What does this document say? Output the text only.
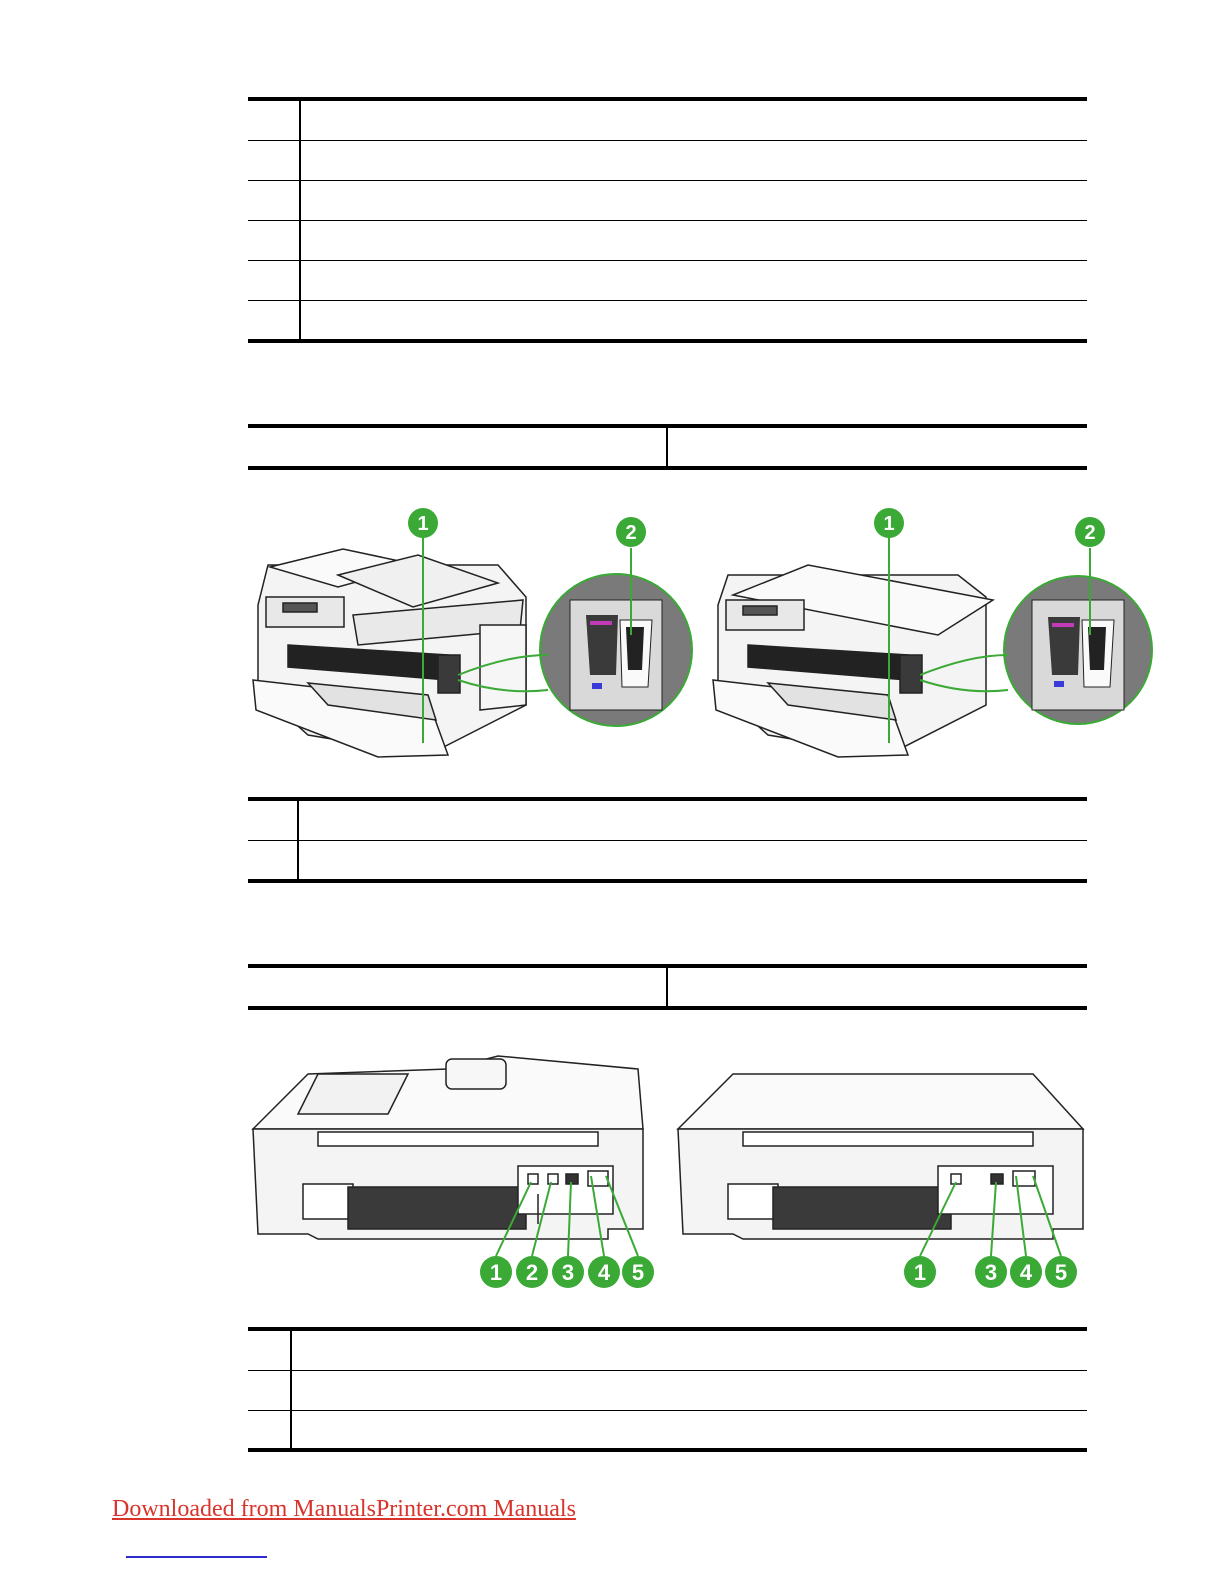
1	2	1	2
1 2 3 4 5	1	3 4 5
Downloaded from ManualsPrinter.com Manuals
